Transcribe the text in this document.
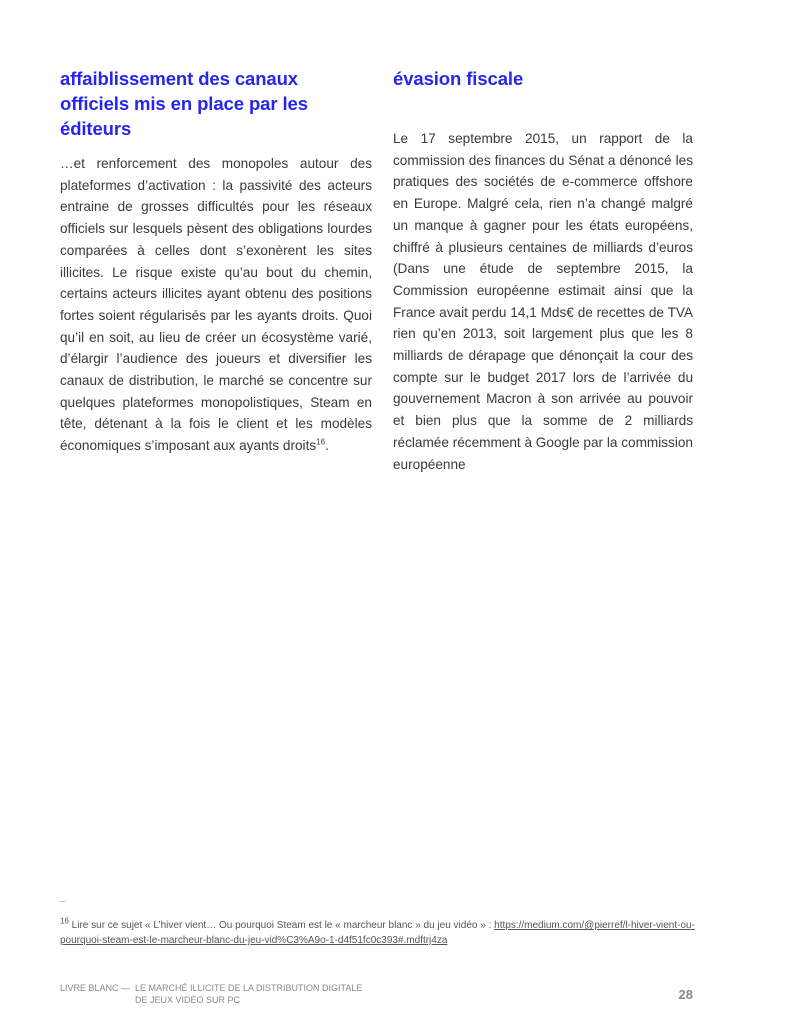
affaiblissement des canaux officiels mis en place par les éditeurs

…et renforcement des monopoles autour des plateformes d’activation : la passivité des acteurs entraine de grosses difficultés pour les réseaux officiels sur lesquels pèsent des obligations lourdes comparées à celles dont s’exonèrent les sites illicites. Le risque existe qu’au bout du chemin, certains acteurs illicites ayant obtenu des positions fortes soient régularisés par les ayants droits. Quoi qu’il en soit, au lieu de créer un écosystème varié, d’élargir l’audience des joueurs et diversifier les canaux de distribution, le marché se concentre sur quelques plateformes monopolistiques, Steam en tête, détenant à la fois le client et les modèles économiques s’imposant aux ayants droits$^{16}$.

évasion fiscale

Le 17 septembre 2015, un rapport de la commission des finances du Sénat a dénoncé les pratiques des sociétés de e-commerce offshore en Europe. Malgré cela, rien n’a changé malgré un manque à gagner pour les états européens, chiffré à plusieurs centaines de milliards d’euros (Dans une étude de septembre 2015, la Commission européenne estimait ainsi que la France avait perdu 14,1 Mds€ de recettes de TVA rien qu’en 2013, soit largement plus que les 8 milliards de dérapage que dénonçait la cour des compte sur le budget 2017 lors de l’arrivée du gouvernement Macron à son arrivée au pouvoir et bien plus que la somme de 2 milliards réclamée récemment à Google par la commission européenne

–
$^{16}$ Lire sur ce sujet « L’hiver vient… Ou pourquoi Steam est le « marcheur blanc » du jeu vidéo » : https://medium.com/@pierref/l-hiver-vient-ou-pourquoi-steam-est-le-marcheur-blanc-du-jeu-vid%C3%A9o-1-d4f51fc0c393#.mdftrj4za
LIVRE BLANC — LE MARCHÉ ILLICITE DE LA DISTRIBUTION DIGITALE
DE JEUX VIDÉO SUR PC	28
